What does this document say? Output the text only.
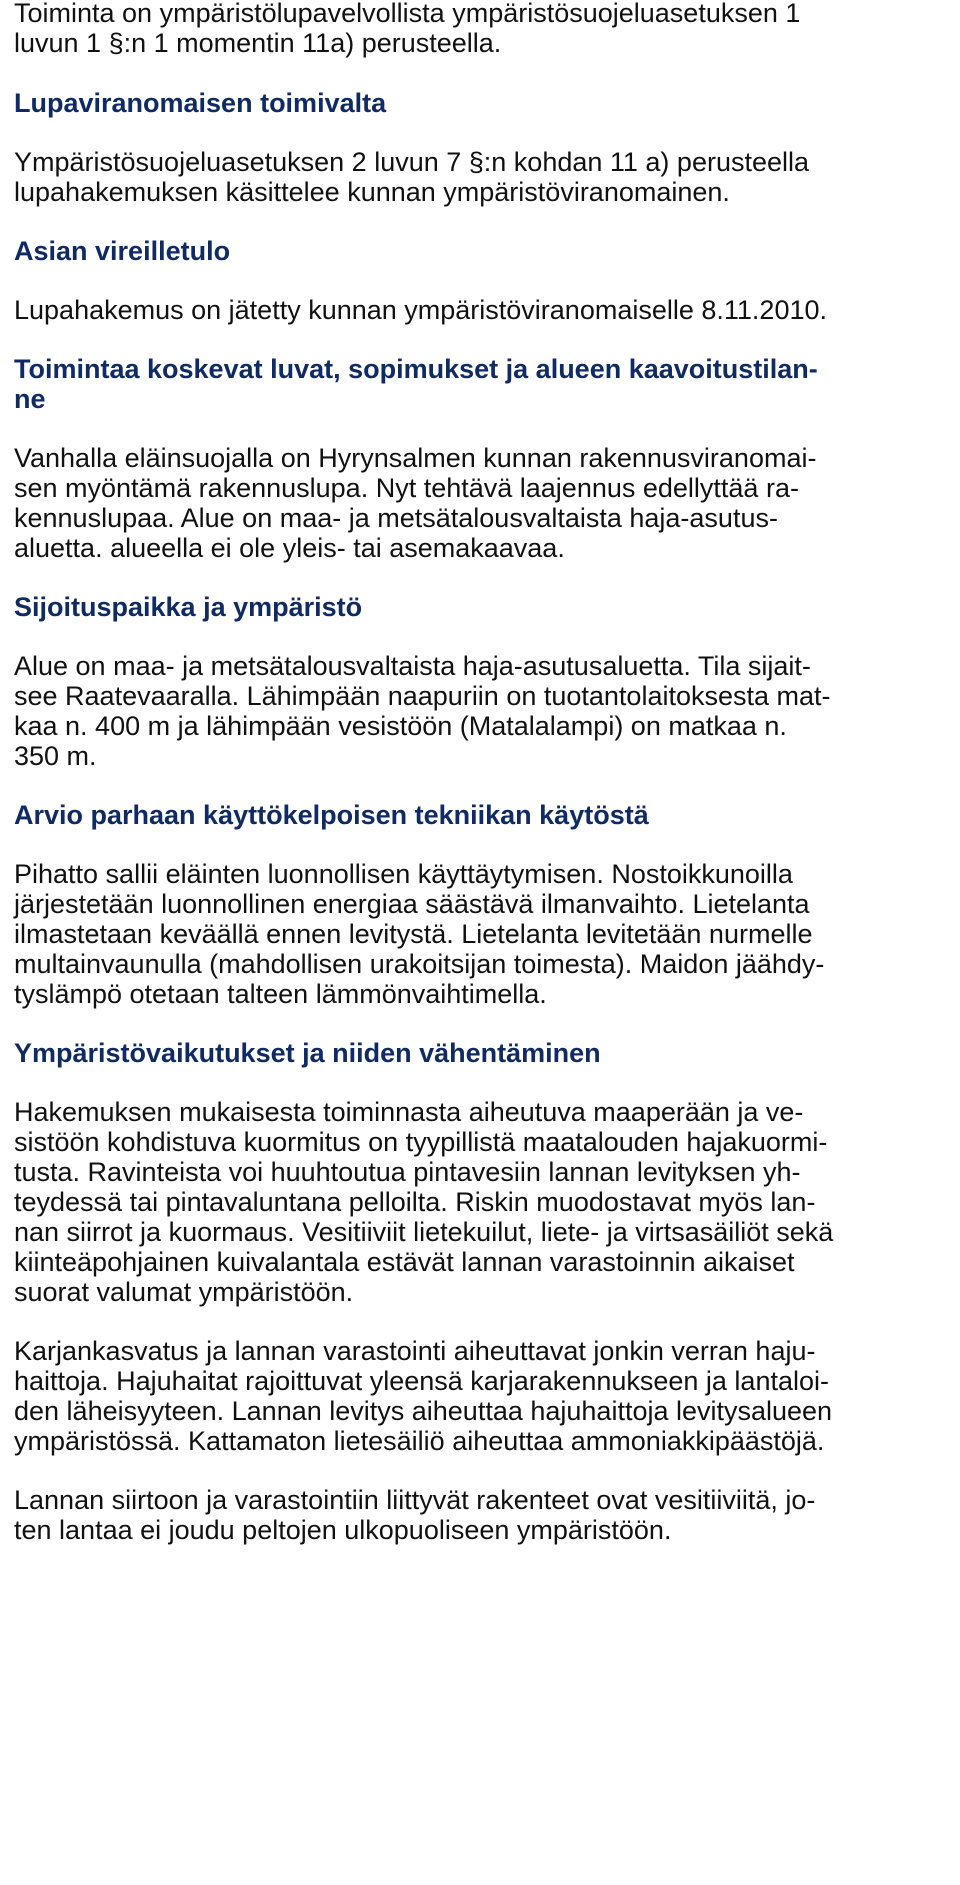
Toiminta on ympäristölupavelvollista ympäristösuojeluasetuksen 1

luvun 1 §:n 1 momentin 11a) perusteella.

Lupaviranomaisen toimivalta

Ympäristösuojeluasetuksen 2 luvun 7 §:n kohdan 11 a) perusteella

lupahakemuksen käsittelee kunnan ympäristöviranomainen.

Asian vireilletulo

Lupahakemus on jätetty kunnan ympäristöviranomaiselle 8.11.2010.

Toimintaa koskevat luvat, sopimukset ja alueen kaavoitustilan-

ne

Vanhalla eläinsuojalla on Hyrynsalmen kunnan rakennusviranomai-

sen myöntämä rakennuslupa. Nyt tehtävä laajennus edellyttää ra-

kennuslupaa. Alue on maa- ja metsätalousvaltaista haja-asutus-

aluetta. alueella ei ole yleis- tai asemakaavaa.

Sijoituspaikka ja ympäristö

Alue on maa- ja metsätalousvaltaista haja-asutusaluetta. Tila sijait-

see Raatevaaralla. Lähimpään naapuriin on tuotantolaitoksesta mat-

kaa n. 400 m ja lähimpään vesistöön (Matalalampi) on matkaa n.

350 m.

Arvio parhaan käyttökelpoisen tekniikan käytöstä

Pihatto sallii eläinten luonnollisen käyttäytymisen. Nostoikkunoilla

järjestetään luonnollinen energiaa säästävä ilmanvaihto. Lietelanta

ilmastetaan keväällä ennen levitystä. Lietelanta levitetään nurmelle

multainvaunulla (mahdollisen urakoitsijan toimesta). Maidon jäähdy-

tyslämpö otetaan talteen lämmönvaihtimella.

Ympäristövaikutukset ja niiden vähentäminen

Hakemuksen mukaisesta toiminnasta aiheutuva maaperään ja ve-

sistöön kohdistuva kuormitus on tyypillistä maatalouden hajakuormi-

tusta. Ravinteista voi huuhtoutua pintavesiin lannan levityksen yh-

teydessä tai pintavaluntana pelloilta. Riskin muodostavat myös lan-

nan siirrot ja kuormaus. Vesitiiviit lietekuilut, liete- ja virtsasäiliöt sekä

kiinteäpohjainen kuivalantala estävät lannan varastoinnin aikaiset

suorat valumat ympäristöön.

Karjankasvatus ja lannan varastointi aiheuttavat jonkin verran haju-

haittoja. Hajuhaitat rajoittuvat yleensä karjarakennukseen ja lantaloi-

den läheisyyteen. Lannan levitys aiheuttaa hajuhaittoja levitysalueen

ympäristössä. Kattamaton lietesäiliö aiheuttaa ammoniakkipäästöjä.

Lannan siirtoon ja varastointiin liittyvät rakenteet ovat vesitiiviitä, jo-

ten lantaa ei joudu peltojen ulkopuoliseen ympäristöön.
